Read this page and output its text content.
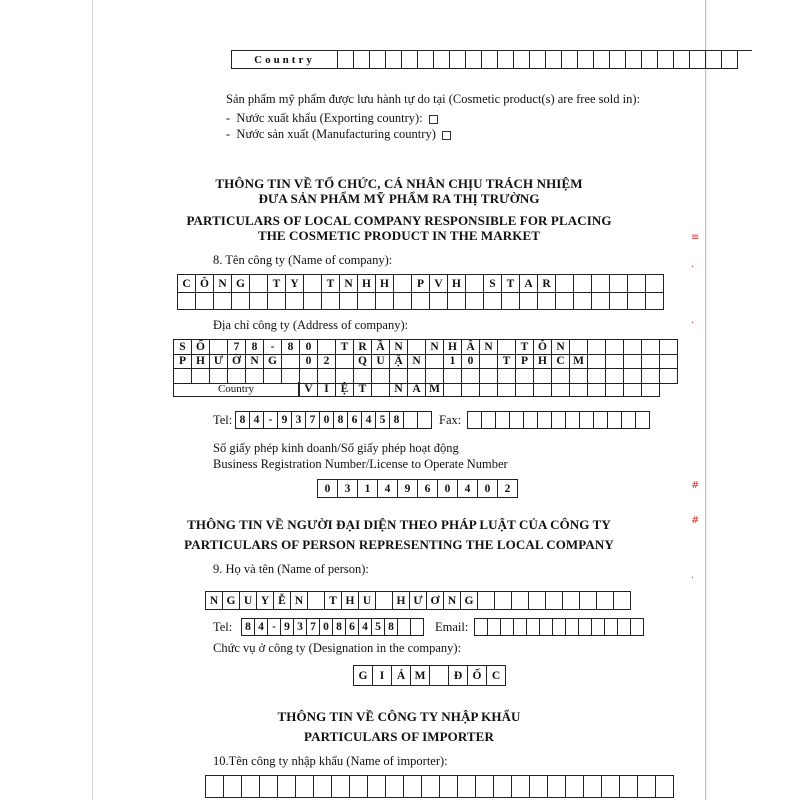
Country
Sản phẩm mỹ phẩm được lưu hành tự do tại (Cosmetic product(s) are free sold in):
-  Nước xuất khẩu (Exporting country):
-  Nước sản xuất (Manufacturing country)
THÔNG TIN VỀ TỔ CHỨC, CÁ NHÂN CHỊU TRÁCH NHIỆM
ĐƯA SẢN PHẨM MỸ PHẨM RA THỊ TRƯỜNG
PARTICULARS OF LOCAL COMPANY RESPONSIBLE FOR PLACING
THE COSMETIC PRODUCT IN THE MARKET
8. Tên công ty (Name of company):
C Ô N G	T Y	T N H H	P V H	S T A R
Địa chỉ công ty (Address of company):
S Ố	7	8	-	8	0	T R Ầ N	N H Â N	T Ô N
P H Ư Ờ N G	0	2	Q U Ậ N	1	0	T P H C M
Country	V	I	Ệ T	N A M
Tel: 8 4 - 9 3 7 0 8 6 4 5 8	Fax:
Số giấy phép kinh doanh/Số giấy phép hoạt động
Business Registration Number/License to Operate Number
0	3	1	4	9	6	0	4	0	2
THÔNG TIN VỀ NGƯỜI ĐẠI DIỆN THEO PHÁP LUẬT CỦA CÔNG TY
PARTICULARS OF PERSON REPRESENTING THE LOCAL COMPANY
9. Họ và tên (Name of person):
N G U Y Ễ N	T H U	H Ư Ơ N G
Tel: 8 4 - 9 3 7 0 8 6 4 5 8	Email:
Chức vụ ở công ty (Designation in the company):
G	I	Á M	Đ Ố C
THÔNG TIN VỀ CÔNG TY NHẬP KHẨU
PARTICULARS OF IMPORTER
10.Tên công ty nhập khẩu (Name of importer):
≡
·
·
#
#
·
